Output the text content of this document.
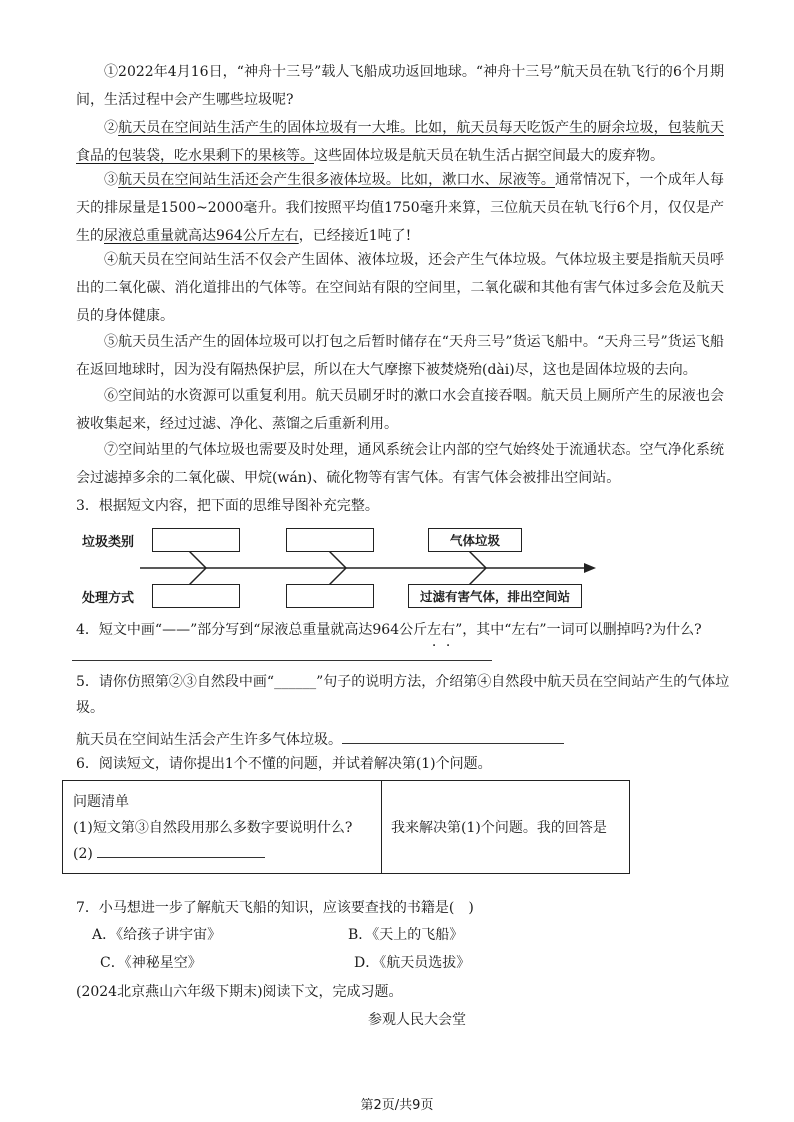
①2022年4月16日，“神舟十三号”载人飞船成功返回地球。“神舟十三号”航天员在轨飞行的6个月期间，生活过程中会产生哪些垃圾呢?

②航天员在空间站生活产生的固体垃圾有一大堆。比如，航天员每天吃饭产生的厨余垃圾，包装航天食品的包装袋，吃水果剩下的果核等。这些固体垃圾是航天员在轨生活占据空间最大的废弃物。

③航天员在空间站生活还会产生很多液体垃圾。比如，漱口水、尿液等。通常情况下，一个成年人每天的排尿量是1500~2000毫升。我们按照平均值1750毫升来算，三位航天员在轨飞行6个月，仅仅是产生的尿液总重量就高达964公斤左右，已经接近1吨了!

④航天员在空间站生活不仅会产生固体、液体垃圾，还会产生气体垃圾。气体垃圾主要是指航天员呼出的二氧化碳、消化道排出的气体等。在空间站有限的空间里，二氧化碳和其他有害气体过多会危及航天员的身体健康。

⑤航天员生活产生的固体垃圾可以打包之后暂时储存在“天舟三号”货运飞船中。“天舟三号”货运飞船在返回地球时，因为没有隔热保护层，所以在大气摩擦下被焚烧殆(dài)尽，这也是固体垃圾的去向。

⑥空间站的水资源可以重复利用。航天员刷牙时的漱口水会直接吞咽。航天员上厕所产生的尿液也会被收集起来，经过过滤、净化、蒸馏之后重新利用。

⑦空间站里的气体垃圾也需要及时处理，通风系统会让内部的空气始终处于流通状态。空气净化系统会过滤掉多余的二氧化碳、甲烷(wán)、硫化物等有害气体。有害气体会被排出空间站。

3．根据短文内容，把下面的思维导图补充完整。

垃圾类别
处理方式
气体垃圾
过滤有害气体，排出空间站

4．短文中画“——”部分写到“尿液总重量就高达964公斤左右”，其中“左右”一词可以删掉吗?为什么?

5．请你仿照第②③自然段中画“______”句子的说明方法，介绍第④自然段中航天员在空间站产生的气体垃

圾。

航天员在空间站生活会产生许多气体垃圾。

6．阅读短文，请你提出1个不懂的问题，并试着解决第(1)个问题。

问题清单
(1)短文第③自然段用那么多数字要说明什么?
(2)
我来解决第(1)个问题。我的回答是

7．小马想进一步了解航天飞船的知识，应该要查找的书籍是(　)

A．《给孩子讲宇宙》	B．《天上的飞船》
C．《神秘星空》	D．《航天员选拔》

(2024北京燕山六年级下期末)阅读下文，完成习题。

参观人民大会堂

第2页/共9页
